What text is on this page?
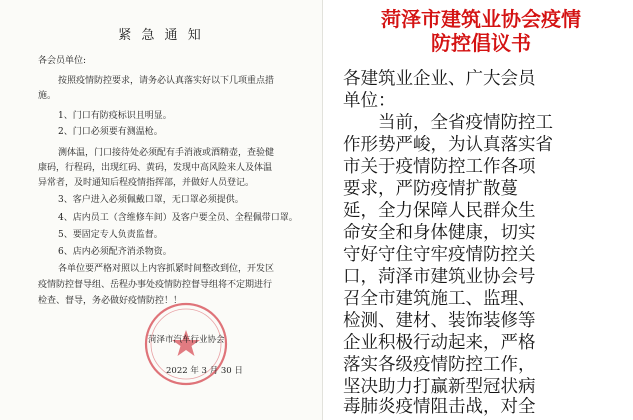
紧 急 通 知
各会员单位:
按照疫情防控要求，请务必认真落实好以下几项重点措
施。
1、门口有防疫标识且明显。
2、门口必须要有测温枪。
测体温，门口接待处必须配有手消液或酒精壶，查验健
康码，行程码，出现红码、黄码，发现中高风险来人及体温
异常者，及时通知后程疫情指挥部，并做好人员登记。
3、客户进入必须佩戴口罩，无口罩必须提供。
4、店内员工（含维修车间）及客户要全员、全程佩带口罩。
5、要固定专人负责监督。
6、店内必须配齐消杀物资。
各单位要严格对照以上内容抓紧时间整改到位，开发区
疫情防控督导组、岳程办事处疫情防控督导组将不定期进行
检查、督导，务必做好疫情防控！！
菏泽市汽车行业协会
2022 年 3 月 30 日
菏泽市建筑业协会疫情
防控倡议书
各建筑业企业、广大会员
单位：
　　当前，全省疫情防控工
作形势严峻，为认真落实省
市关于疫情防控工作各项
要求，严防疫情扩散蔓
延，全力保障人民群众生
命安全和身体健康，切实
守好守住守牢疫情防控关
口，菏泽市建筑业协会号
召全市建筑施工、监理、
检测、建材、装饰装修等
企业积极行动起来，严格
落实各级疫情防控工作，
坚决助力打赢新型冠状病
毒肺炎疫情阻击战，对全
